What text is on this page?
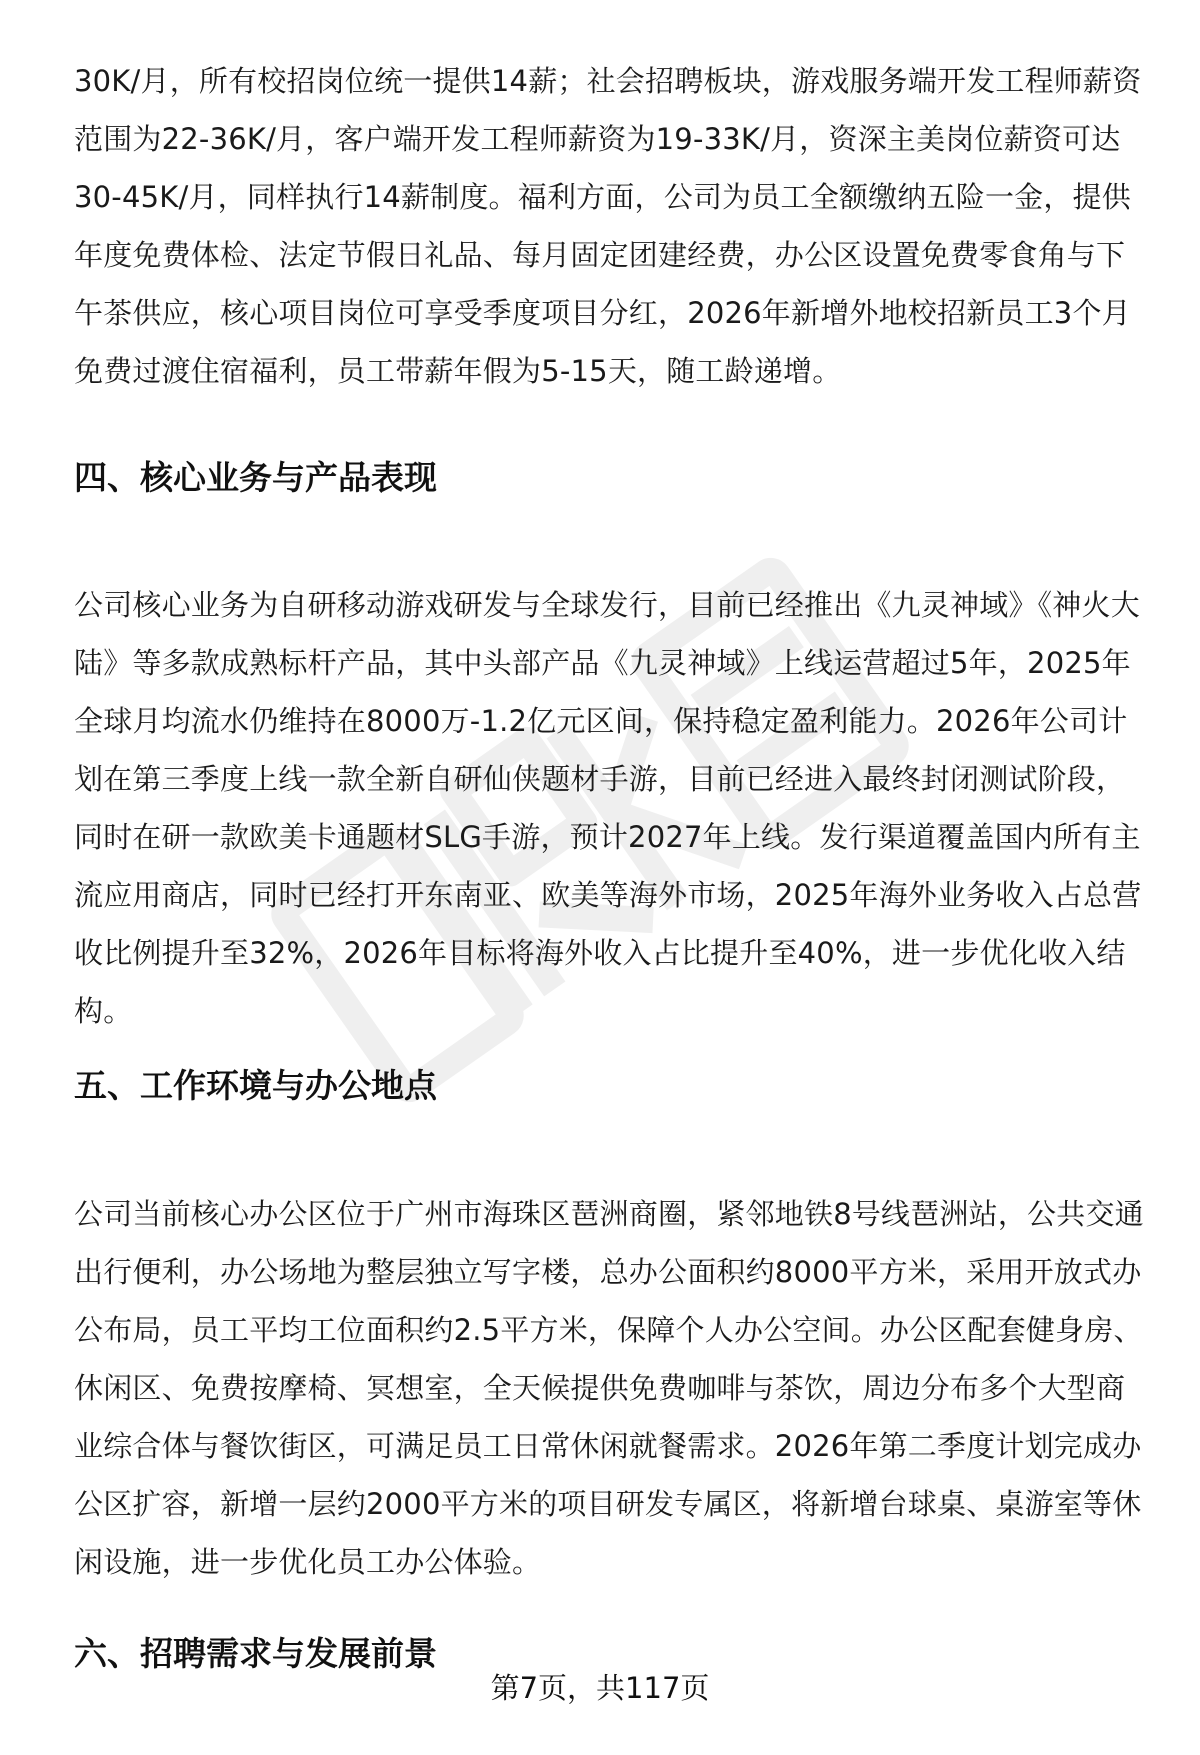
30K/月，所有校招岗位统一提供14薪；社会招聘板块，游戏服务端开发工程师薪资范围为22-36K/月，客户端开发工程师薪资为19-33K/月，资深主美岗位薪资可达30-45K/月，同样执行14薪制度。福利方面，公司为员工全额缴纳五险一金，提供年度免费体检、法定节假日礼品、每月固定团建经费，办公区设置免费零食角与下午茶供应，核心项目岗位可享受季度项目分红，2026年新增外地校招新员工3个月免费过渡住宿福利，员工带薪年假为5-15天，随工龄递增。

四、核心业务与产品表现

公司核心业务为自研移动游戏研发与全球发行，目前已经推出《九灵神域》《神火大陆》等多款成熟标杆产品，其中头部产品《九灵神域》上线运营超过5年，2025年全球月均流水仍维持在8000万-1.2亿元区间，保持稳定盈利能力。2026年公司计划在第三季度上线一款全新自研仙侠题材手游，目前已经进入最终封闭测试阶段，同时在研一款欧美卡通题材SLG手游，预计2027年上线。发行渠道覆盖国内所有主流应用商店，同时已经打开东南亚、欧美等海外市场，2025年海外业务收入占总营收比例提升至32%，2026年目标将海外收入占比提升至40%，进一步优化收入结构。

五、工作环境与办公地点

公司当前核心办公区位于广州市海珠区琶洲商圈，紧邻地铁8号线琶洲站，公共交通出行便利，办公场地为整层独立写字楼，总办公面积约8000平方米，采用开放式办公布局，员工平均工位面积约2.5平方米，保障个人办公空间。办公区配套健身房、休闲区、免费按摩椅、冥想室，全天候提供免费咖啡与茶饮，周边分布多个大型商业综合体与餐饮街区，可满足员工日常休闲就餐需求。2026年第二季度计划完成办公区扩容，新增一层约2000平方米的项目研发专属区，将新增台球桌、桌游室等休闲设施，进一步优化员工办公体验。

六、招聘需求与发展前景
第7页，共117页
